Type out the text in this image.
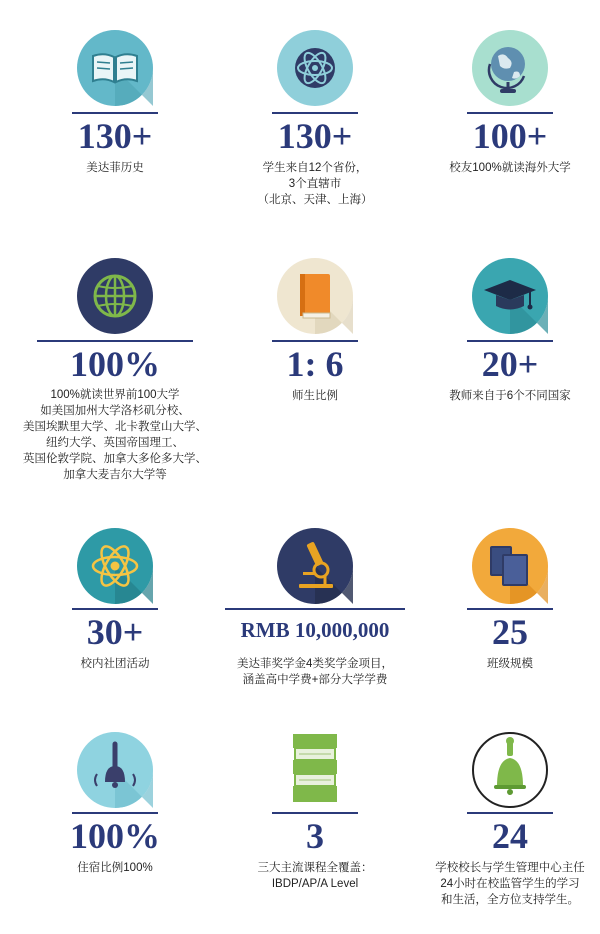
130+
美达菲历史
130+
学生来自12个省份，
3个直辖市
（北京、天津、上海）
100+
校友100%就读海外大学
100%
100%就读世界前100大学
如美国加州大学洛杉矶分校、
美国埃默里大学、北卡教堂山大学、
纽约大学、英国帝国理工、
英国伦敦学院、加拿大多伦多大学、
加拿大麦吉尔大学等
1: 6
师生比例
20+
教师来自于6个不同国家
30+
校内社团活动
RMB 10,000,000
美达菲奖学金4类奖学金项目，
涵盖高中学费+部分大学学费
25
班级规模
100%
住宿比例100%
3
三大主流课程全覆盖：
IBDP/AP/A Level
24
学校校长与学生管理中心主任
24小时在校监管学生的学习
和生活，全方位支持学生。
